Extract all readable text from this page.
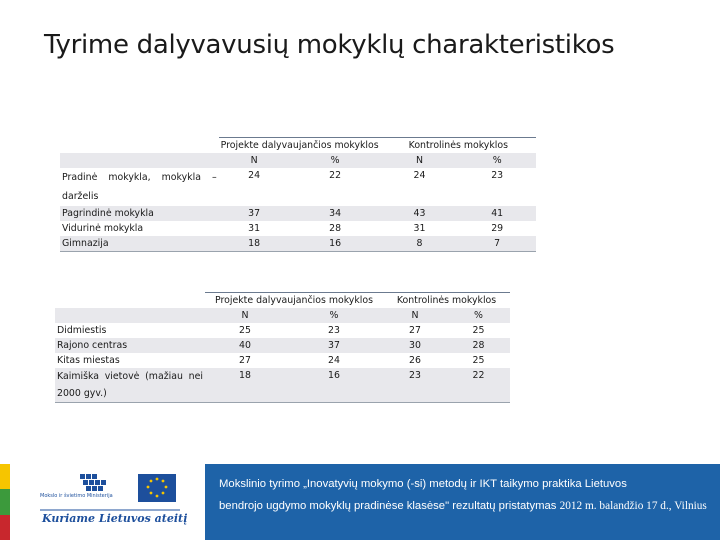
Tyrime dalyvavusių mokyklų charakteristikos
	Projekte dalyvaujančios mokyklos		Kontrolinės mokyklos	
	N	%	N	%
Pradinė mokykla, mokykla – darželis	24	22	24	23
Pagrindinė mokykla	37	34	43	41
Vidurinė mokykla	31	28	31	29
Gimnazija	18	16	8	7
	Projekte dalyvaujančios mokyklos		Kontrolinės mokyklos	
	N	%	N	%
Didmiestis	25	23	27	25
Rajono centras	40	37	30	28
Kitas miestas	27	24	26	25
Kaimiška vietovė (mažiau nei 2000 gyv.)	18	16	23	22
Mokslo ir švietimo Ministerija
Kuriame Lietuvos ateitį
Mokslinio tyrimo „Inovatyvių mokymo (-si) metodų ir IKT taikymo praktika Lietuvos
bendrojo ugdymo mokyklų pradinėse klasėse" rezultatų pristatymas 2012 m. balandžio 17 d., Vilnius
